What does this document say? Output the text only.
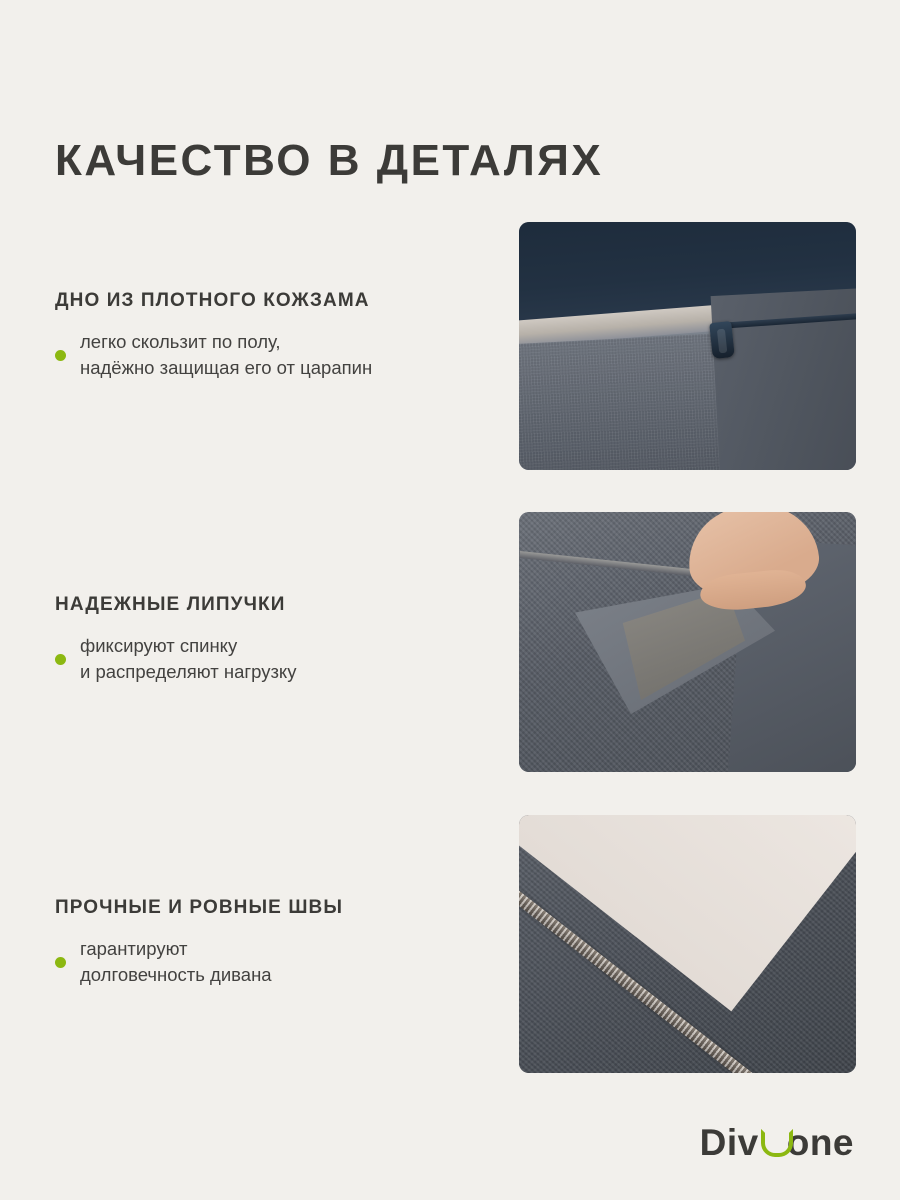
КАЧЕСТВО В ДЕТАЛЯХ
ДНО ИЗ ПЛОТНОГО КОЖЗАМА
легко скользит по полу,
надёжно защищая его от царапин
НАДЕЖНЫЕ ЛИПУЧКИ
фиксируют спинку
и распределяют нагрузку
ПРОЧНЫЕ И РОВНЫЕ ШВЫ
гарантируют
долговечность дивана
Div one
